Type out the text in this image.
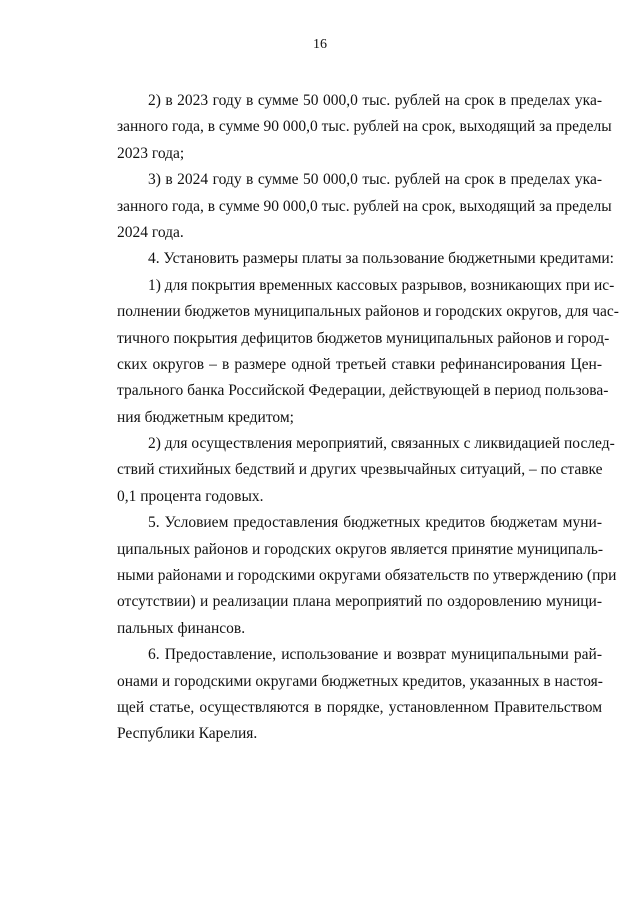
16
2) в 2023 году в сумме 50 000,0 тыс. рублей на срок в пределах ука-
занного года, в сумме 90 000,0 тыс. рублей на срок, выходящий за пределы
2023 года;
3) в 2024 году в сумме 50 000,0 тыс. рублей на срок в пределах ука-
занного года, в сумме 90 000,0 тыс. рублей на срок, выходящий за пределы
2024 года.
4. Установить размеры платы за пользование бюджетными кредитами:
1) для покрытия временных кассовых разрывов, возникающих при ис-
полнении бюджетов муниципальных районов и городских округов, для час-
тичного покрытия дефицитов бюджетов муниципальных районов и город-
ских округов – в размере одной третьей ставки рефинансирования Цен-
трального банка Российской Федерации, действующей в период пользова-
ния бюджетным кредитом;
2) для осуществления мероприятий, связанных с ликвидацией послед-
ствий стихийных бедствий и других чрезвычайных ситуаций, – по ставке
0,1 процента годовых.
5. Условием предоставления бюджетных кредитов бюджетам муни-
ципальных районов и городских округов является принятие муниципаль-
ными районами и городскими округами обязательств по утверждению (при
отсутствии) и реализации плана мероприятий по оздоровлению муници-
пальных финансов.
6. Предоставление, использование и возврат муниципальными рай-
онами и городскими округами бюджетных кредитов, указанных в настоя-
щей статье, осуществляются в порядке, установленном Правительством
Республики Карелия.
